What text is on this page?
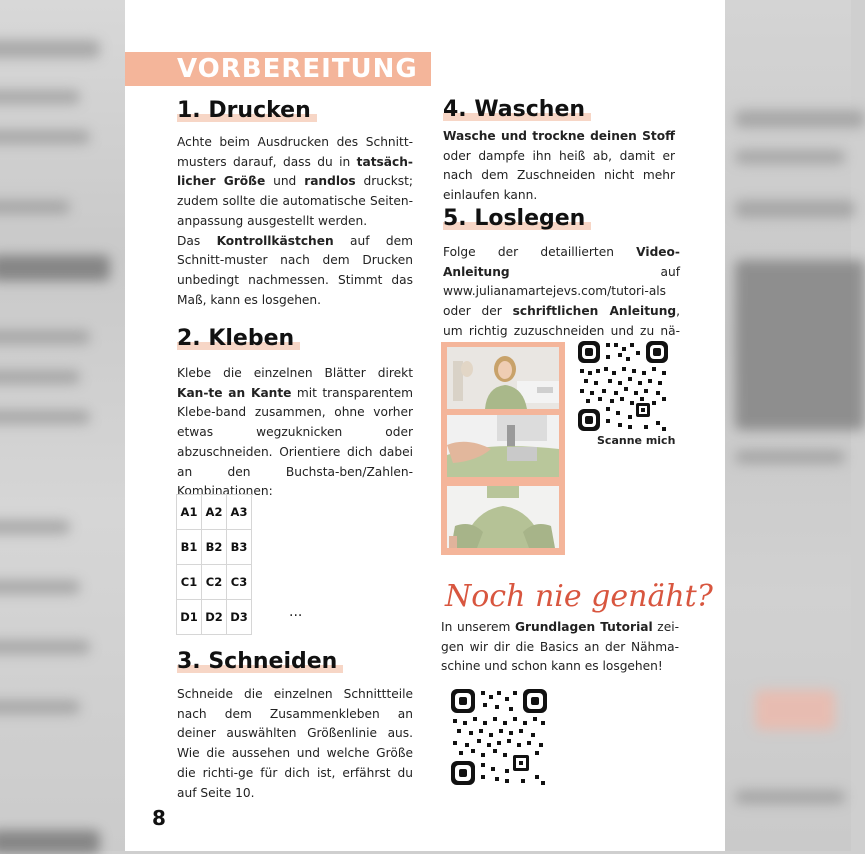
VORBEREITUNG
1. Drucken
Achte beim Ausdrucken des Schnitt-musters darauf, dass du in tatsäch-licher Größe und randlos druckst; zudem sollte die automatische Seiten-anpassung ausgestellt werden.
Das Kontrollkästchen auf dem Schnitt-muster nach dem Drucken unbedingt nachmessen. Stimmt das Maß, kann es losgehen.
2. Kleben
Klebe die einzelnen Blätter direkt Kan-te an Kante mit transparentem Klebe-band zusammen, ohne vorher etwas wegzuknicken oder abzuschneiden. Orientiere dich dabei an den Buchsta-ben/Zahlen-Kombinationen:
A1	A2	A3
B1	B2	B3
C1	C2	C3
D1	D2	D3	...
3. Schneiden
Schneide die einzelnen Schnittteile nach dem Zusammenkleben an deiner auswählten Größenlinie aus. Wie die aussehen und welche Größe die richti-ge für dich ist, erfährst du auf Seite 10.
4. Waschen
Wasche und trockne deinen Stoff oder dampfe ihn heiß ab, damit er nach dem Zuschneiden nicht mehr einlaufen kann.
5. Loslegen
Folge der detaillierten Video-Anleitung auf www.julianamartejevs.com/tutori-als oder der schriftlichen Anleitung, um richtig zuzuschneiden und zu nä-
Scanne mich
Noch nie genäht?
In unserem Grundlagen Tutorial zei-gen wir dir die Basics an der Nähma-schine und schon kann es losgehen!
8
